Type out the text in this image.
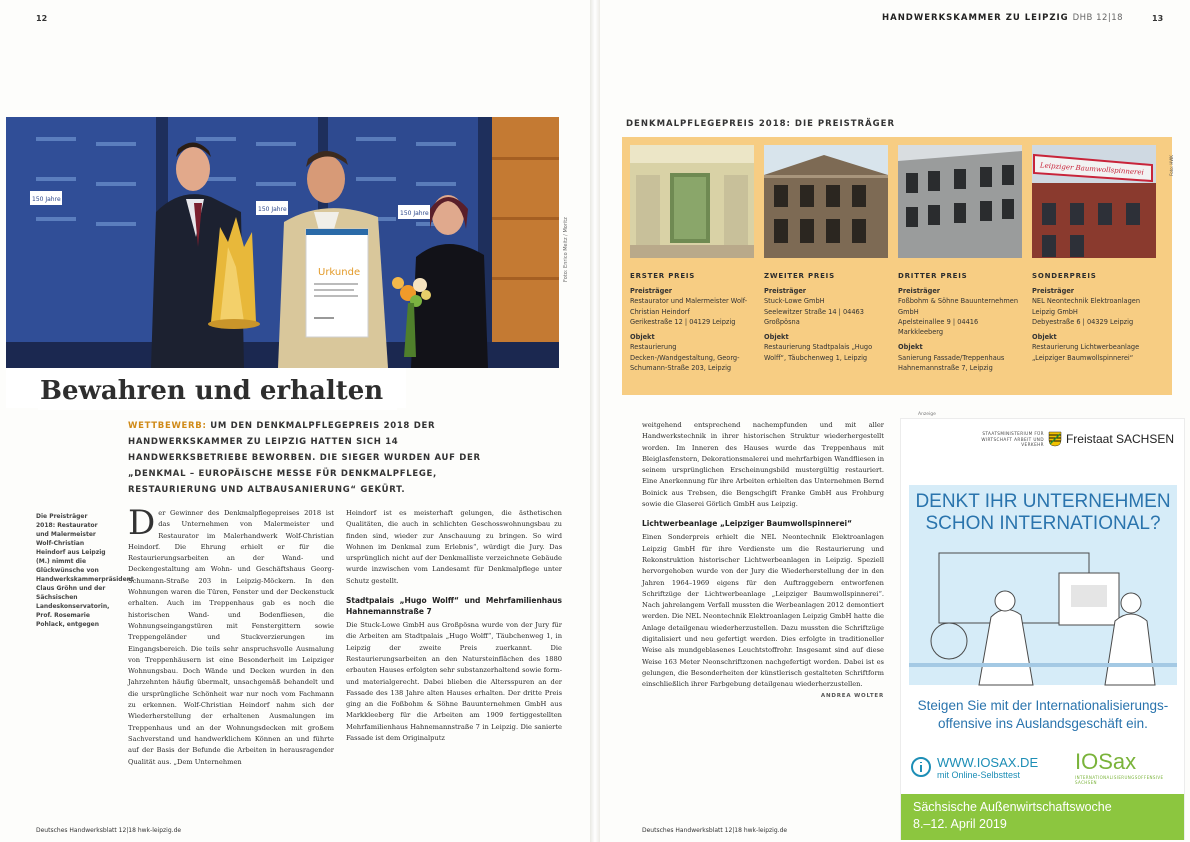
12
150 Jahre
150 Jahre
150 Jahre
Urkunde	Foto: Enrico Meitz / Moritz
Bewahren und erhalten
WETTBEWERB: UM DEN DENKMALPFLEGEPREIS 2018 DER HANDWERKSKAMMER ZU LEIPZIG HATTEN SICH 14 HANDWERKSBETRIEBE BEWORBEN. DIE SIEGER WURDEN AUF DER „DENKMAL – EUROPÄISCHE MESSE FÜR DENKMALPFLEGE, RESTAURIERUNG UND ALTBAUSANIERUNG“ GEKÜRT.
Die Preisträger 2018: Restaurator und Malermeister Wolf-Christian Heindorf aus Leipzig (M.) nimmt die Glückwünsche von Handwerkskammerpräsident Claus Gröhn und der Sächsischen Landeskonservatorin, Prof. Rosemarie Pohlack, entgegen
Der Gewinner des Denkmalpflegepreises 2018 ist das Unternehmen von Malermeister und Restaurator im Malerhandwerk Wolf-Christian Heindorf. Die Ehrung erhielt er für die Restaurierungsarbeiten an der Wand- und Deckengestaltung am Wohn- und Geschäftshaus Georg-Schumann-Straße 203 in Leipzig-Möckern. In den Wohnungen waren die Türen, Fenster und der Deckenstuck erhalten. Auch im Treppenhaus gab es noch die historischen Wand- und Bodenfliesen, die Wohnungseingangstüren mit Fenstergittern sowie Treppengeländer und Stuckverzierungen im Eingangsbereich. Die teils sehr anspruchsvolle Ausmalung von Treppenhäusern ist eine Besonderheit im Leipziger Wohnungsbau. Doch Wände und Decken wurden in den Jahrzehnten häufig übermalt, unsachgemäß behandelt und die ursprüngliche Schönheit war nur noch vom Fachmann zu erkennen. Wolf-Christian Heindorf nahm sich der Wiederherstellung der erhaltenen Ausmalungen im Treppenhaus und an der Wohnungsdecken mit großem Sachverstand und handwerklichem Können an und führte auf der Basis der Befunde die Arbeiten in herausragender Qualität aus. „Dem Unternehmen

Heindorf ist es meisterhaft gelungen, die ästhetischen Qualitäten, die auch in schlichten Geschosswohnungsbau zu finden sind, wieder zur Anschauung zu bringen. So wird Wohnen im Denkmal zum Erlebnis“, würdigt die Jury. Das ursprünglich nicht auf der Denkmalliste verzeichnete Gebäude wurde inzwischen vom Landesamt für Denkmalpflege unter Schutz gestellt.

Stadtpalais „Hugo Wolff“ und Mehrfamilienhaus Hahnemannstraße 7

Die Stuck-Lowe GmbH aus Großpösna wurde von der Jury für die Arbeiten am Stadtpalais „Hugo Wolff“, Täubchenweg 1, in Leipzig der zweite Preis zuerkannt. Die Restaurierungsarbeiten an den Natursteinflächen des 1880 erbauten Hauses erfolgten sehr substanzerhaltend sowie form- und materialgerecht. Dabei blieben die Altersspuren an der Fassade des 138 Jahre alten Hauses erhalten. Der dritte Preis ging an die Foßbohm & Söhne Bauunternehmen GmbH aus Markkleeberg für die Arbeiten am 1909 fertiggestellten Mehrfamilienhaus Hahnemannstraße 7 in Leipzig. Die sanierte Fassade ist dem Originalputz

Deutsches Handwerksblatt 12|18 hwk-leipzig.de
HANDWERKSKAMMER ZU LEIPZIG DHB 12|18	13
DENKMALPFLEGEPREIS 2018: DIE PREISTRÄGER
ERSTER PREIS
Preisträger
Restaurator und Malermeister Wolf-Christian Heindorf
Gerikestraße 12 | 04129 Leipzig
Objekt
Restaurierung Decken-/Wandgestaltung, Georg-Schumann-Straße 203, Leipzig
ZWEITER PREIS
Preisträger
Stuck-Lowe GmbH
Seelewitzer Straße 14 | 04463 Großpösna
Objekt
Restaurierung Stadtpalais „Hugo Wolff“, Täubchenweg 1, Leipzig
DRITTER PREIS
Preisträger
Foßbohm & Söhne Bauunternehmen GmbH
Apelsteinallee 9 | 04416 Markkleeberg
Objekt
Sanierung Fassade/Treppenhaus Hahnemannstraße 7, Leipzig
Leipziger Baumwollspinnerei	Foto: HWK
SONDERPREIS
Preisträger
NEL Neontechnik Elektroanlagen Leipzig GmbH
Debyestraße 6 | 04329 Leipzig
Objekt
Restaurierung Lichtwerbeanlage „Leipziger Baumwollspinnerei“

weitgehend entsprechend nachempfunden und mit aller Handwerkstechnik in ihrer historischen Struktur wiederhergestellt worden. Im Inneren des Hauses wurde das Treppenhaus mit Bleiglasfenstern, Dekorationsmalerei und mehrfarbigen Wandfliesen in seinem ursprünglichen Erscheinungsbild mustergültig restauriert. Eine Anerkennung für ihre Arbeiten erhielten das Unternehmen Bernd Boinick aus Trebsen, die Bengschgift Franke GmbH aus Frohburg sowie die Glaserei Görlich GmbH aus Leipzig.

Lichtwerbeanlage „Leipziger Baumwollspinnerei“

Einen Sonderpreis erhielt die NEL Neontechnik Elektroanlagen Leipzig GmbH für ihre Verdienste um die Restaurierung und Rekonstruktion historischer Lichtwerbeanlagen in Leipzig. Speziell hervorgehoben wurde von der Jury die Wiederherstellung der in den Jahren 1964–1969 eigens für den Auftraggebern entworfenen Schriftzüge der Lichtwerbeanlage „Leipziger Baumwollspinnerei“. Nach jahrelangem Verfall mussten die Werbeanlagen 2012 demontiert werden. Die NEL Neontechnik Elektroanlagen Leipzig GmbH hatte die Anlage detailgenau wiederherzustellen. Dazu mussten die Schriftzüge digitalisiert und neu gefertigt werden. Dies erfolgte in traditioneller Weise als mundgeblasenes Leuchtstoffrohr. Insgesamt sind auf diese Weise 163 Meter Neonschriftzonen nachgefertigt worden. Dabei ist es gelungen, die Besonderheiten der künstlerisch gestalteten Schriftform einschließlich ihrer Farbgebung detailgenau wiederherzustellen.

ANDREA WOLTER

Anzeige
STAATSMINISTERIUM FÜR WIRTSCHAFT ARBEIT UND VERKEHR Freistaat SACHSEN
DENKT IHR UNTERNEHMEN SCHON INTERNATIONAL?
Steigen Sie mit der Internationalisierungs-offensive ins Auslandsgeschäft ein.
WWW.IOSAX.DE
mit Online-Selbsttest
IOSax
INTERNATIONALISIERUNGSOFFENSIVE SACHSEN
Sächsische Außenwirtschaftswoche
8.–12. April 2019
Deutsches Handwerksblatt 12|18 hwk-leipzig.de
